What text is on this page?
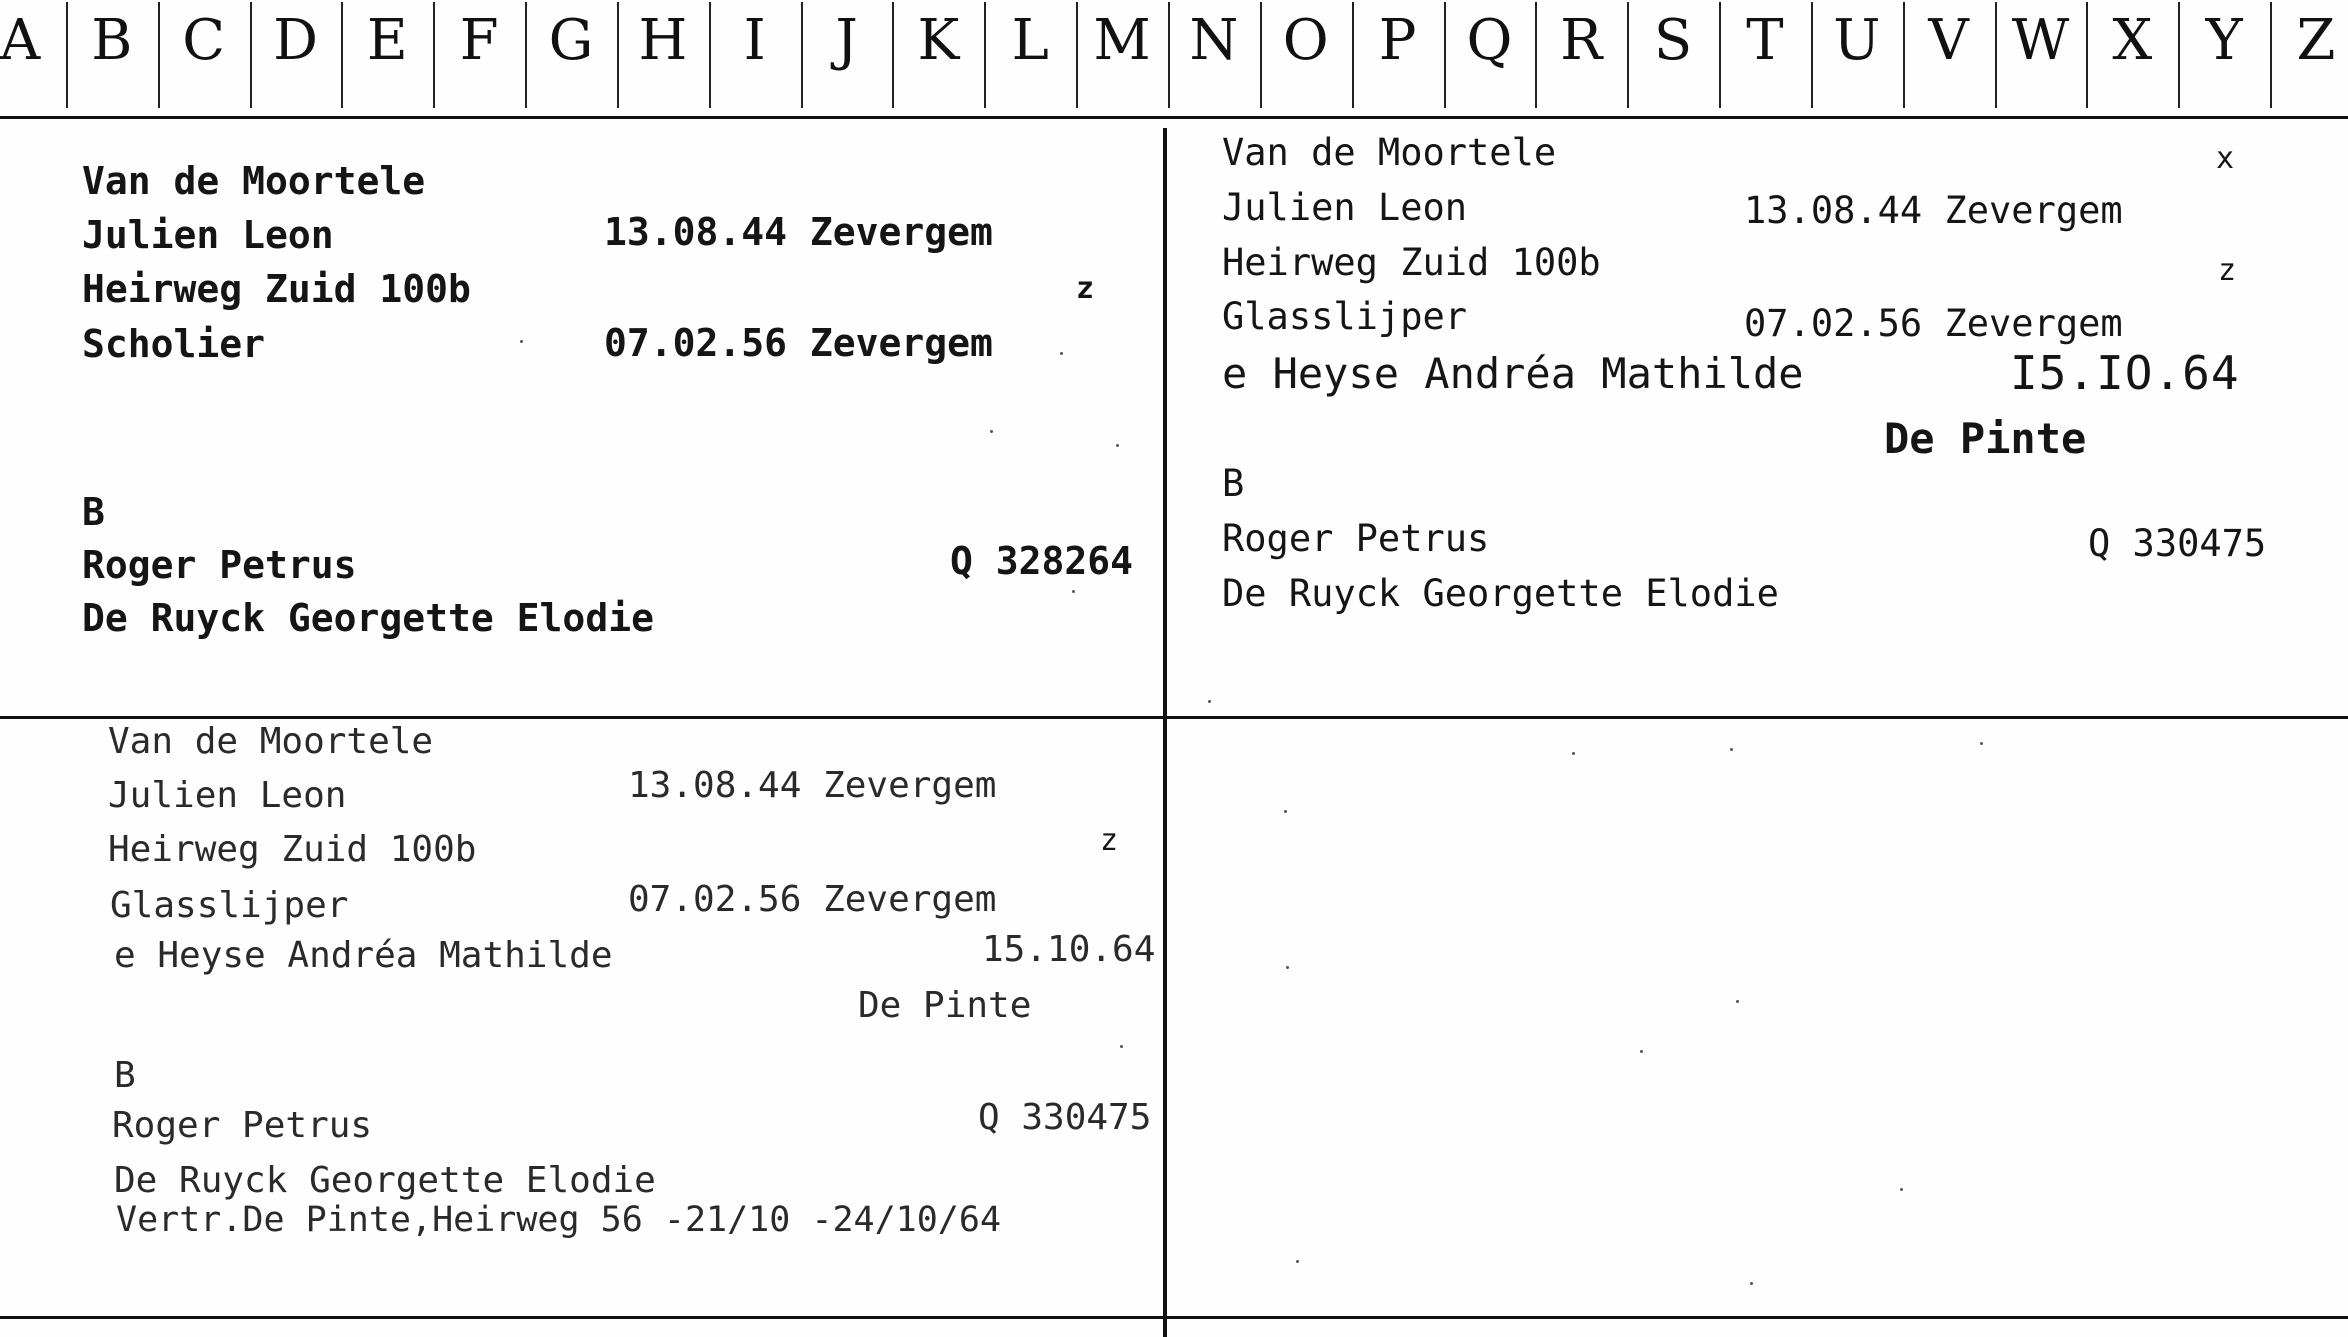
A B C D E F G H	I	J	K L M N O P Q R S T U V W X Y Z
Van de Moortele
Julien Leon	13.08.44 Zevergem
Heirweg Zuid 100b	z
Scholier	07.02.56 Zevergem
B
Roger Petrus	Q 328264
De Ruyck Georgette Elodie
Van de Moortele	x
Julien Leon	13.08.44 Zevergem
Heirweg Zuid 100b	z
Glasslijper	07.02.56 Zevergem
e Heyse Andréa Mathilde	I5.IO.64
De Pinte
B
Roger Petrus	Q 330475
De Ruyck Georgette Elodie
Van de Moortele
Julien Leon	13.08.44 Zevergem
Heirweg Zuid 100b	z
Glasslijper	07.02.56 Zevergem
e Heyse Andréa Mathilde	15.10.64
De Pinte
B
Roger Petrus	Q 330475
De Ruyck Georgette Elodie
Vertr.De Pinte,Heirweg 56 -21/10 -24/10/64
